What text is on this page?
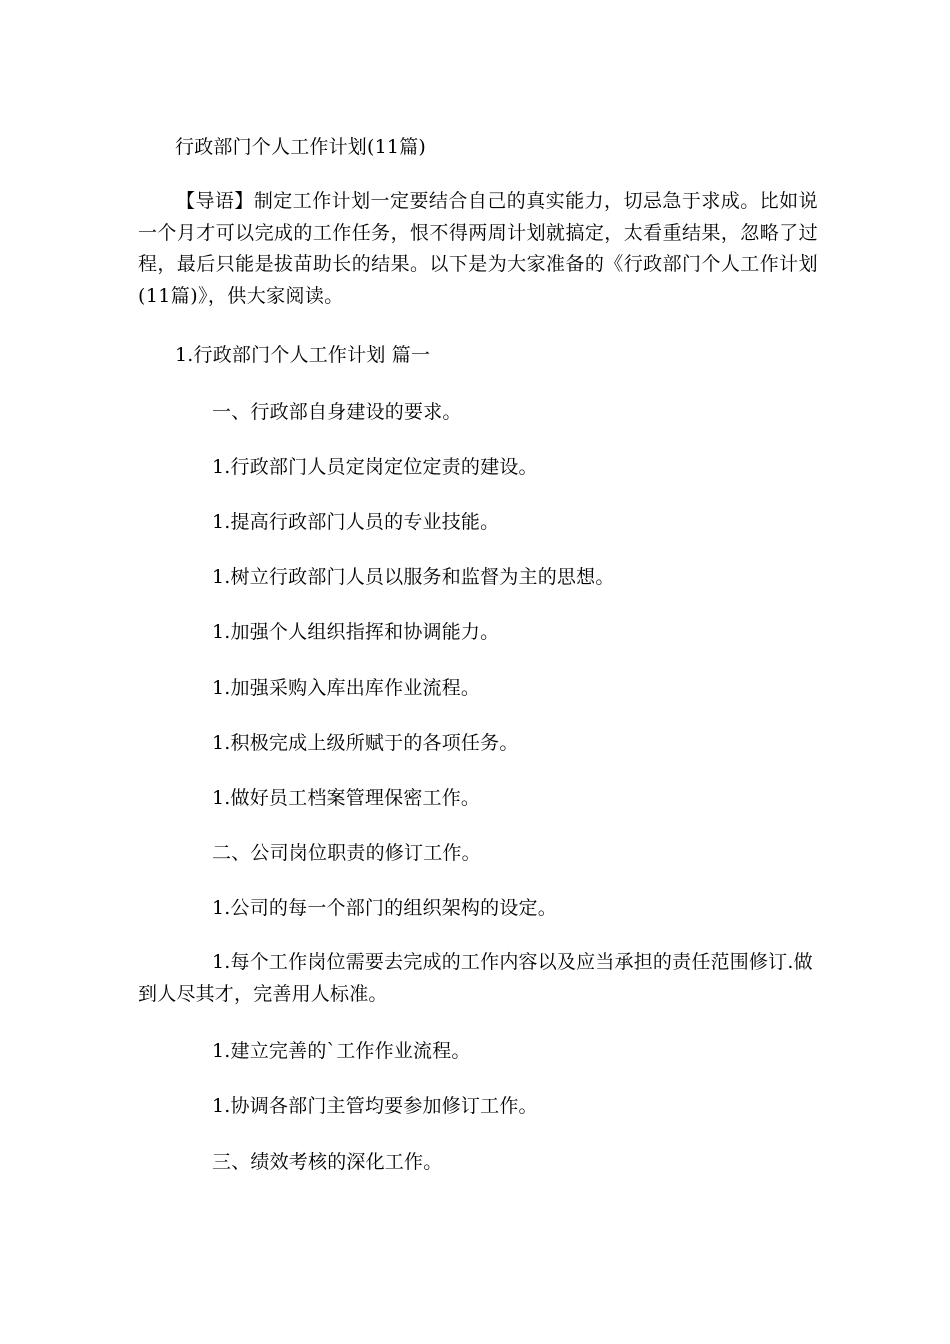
行政部门个人工作计划(11篇)
【导语】制定工作计划一定要结合自己的真实能力，切忌急于求成。比如说一个月才可以完成的工作任务，恨不得两周计划就搞定，太看重结果，忽略了过程，最后只能是拔苗助长的结果。以下是为大家准备的《行政部门个人工作计划(11篇)》，供大家阅读。
1.行政部门个人工作计划 篇一
一、行政部自身建设的要求。
1.行政部门人员定岗定位定责的建设。
1.提高行政部门人员的专业技能。
1.树立行政部门人员以服务和监督为主的思想。
1.加强个人组织指挥和协调能力。
1.加强采购入库出库作业流程。
1.积极完成上级所赋于的各项任务。
1.做好员工档案管理保密工作。
二、公司岗位职责的修订工作。
1.公司的每一个部门的组织架构的设定。
1.每个工作岗位需要去完成的工作内容以及应当承担的责任范围修订.做到人尽其才，完善用人标准。
1.建立完善的`工作作业流程。
1.协调各部门主管均要参加修订工作。
三、绩效考核的深化工作。
